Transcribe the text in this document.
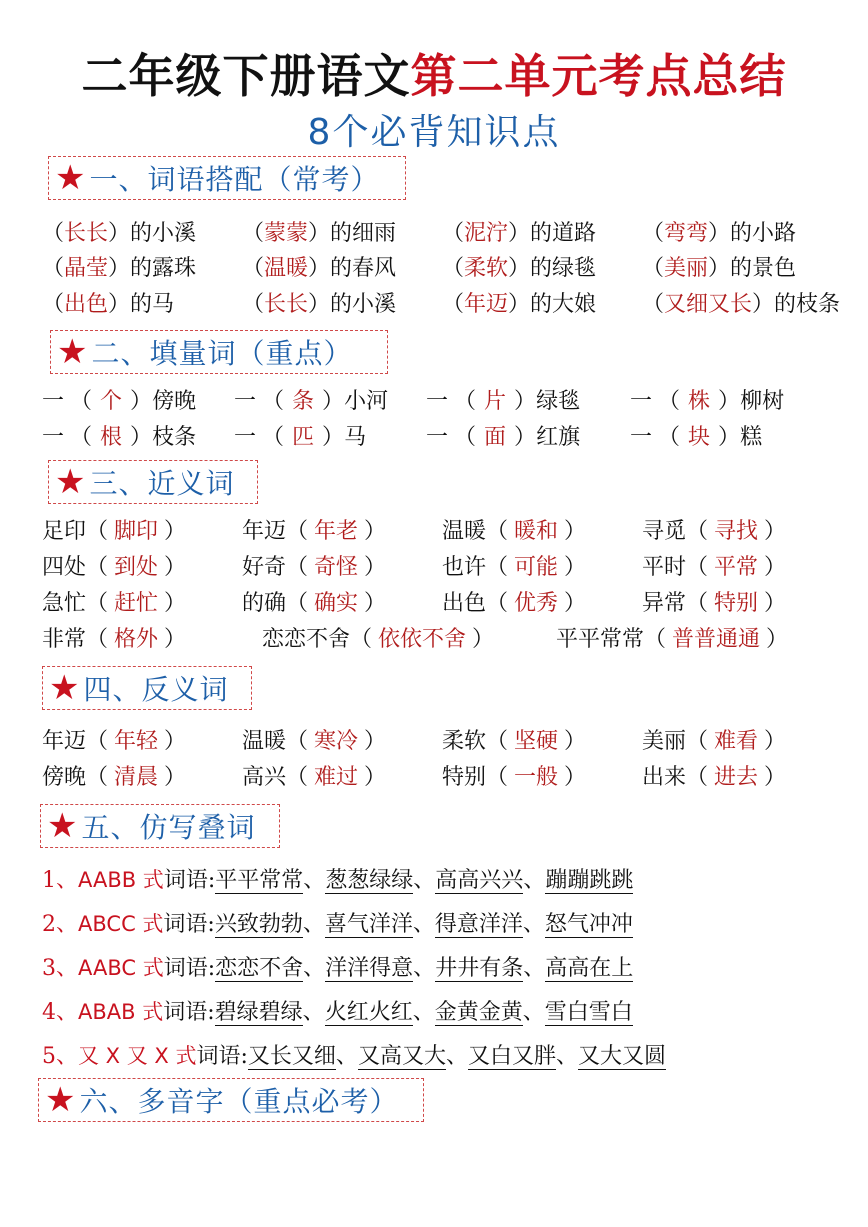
二年级下册语文第二单元考点总结
8个必背知识点
★ 一、词语搭配（常考）
（长长）的小溪 （蒙蒙）的细雨 （泥泞）的道路 （弯弯）的小路
（晶莹）的露珠 （温暖）的春风 （柔软）的绿毯 （美丽）的景色
（出色）的马	（长长）的小溪 （年迈）的大娘 （又细又长）的枝条
★ 二、填量词（重点）
一 （ 个 ）傍晚 一 （ 条 ）小河 一 （ 片 ）绿毯 一 （ 株 ）柳树
一 （ 根 ）枝条 一 （ 匹 ）马	一 （ 面 ）红旗 一 （ 块 ）糕
★ 三、近义词
足印（ 脚印 ）	年迈（ 年老 ）	温暖（ 暖和 ）	寻觅（ 寻找 ）
四处（ 到处 ）	好奇（ 奇怪 ）	也许（ 可能 ）	平时（ 平常 ）
急忙（ 赶忙 ）	的确（ 确实 ）	出色（ 优秀 ）	异常（ 特别 ）
非常（ 格外 ）	恋恋不舍（ 依依不舍 ）	平平常常（ 普普通通 ）
★ 四、反义词
年迈（ 年轻 ）	温暖（ 寒冷 ）	柔软（ 坚硬 ）	美丽（ 难看 ）
傍晚（ 清晨 ）	高兴（ 难过 ）	特别（ 一般 ）	出来（ 进去 ）
★ 五、仿写叠词
1、AABB 式词语:平平常常、葱葱绿绿、高高兴兴、蹦蹦跳跳
2、ABCC 式词语:兴致勃勃、喜气洋洋、得意洋洋、怒气冲冲
3、AABC 式词语:恋恋不舍、洋洋得意、井井有条、高高在上
4、ABAB 式词语:碧绿碧绿、火红火红、金黄金黄、雪白雪白
5、又 X 又 X 式词语:又长又细、又高又大、又白又胖、又大又圆
★ 六、多音字（重点必考）
